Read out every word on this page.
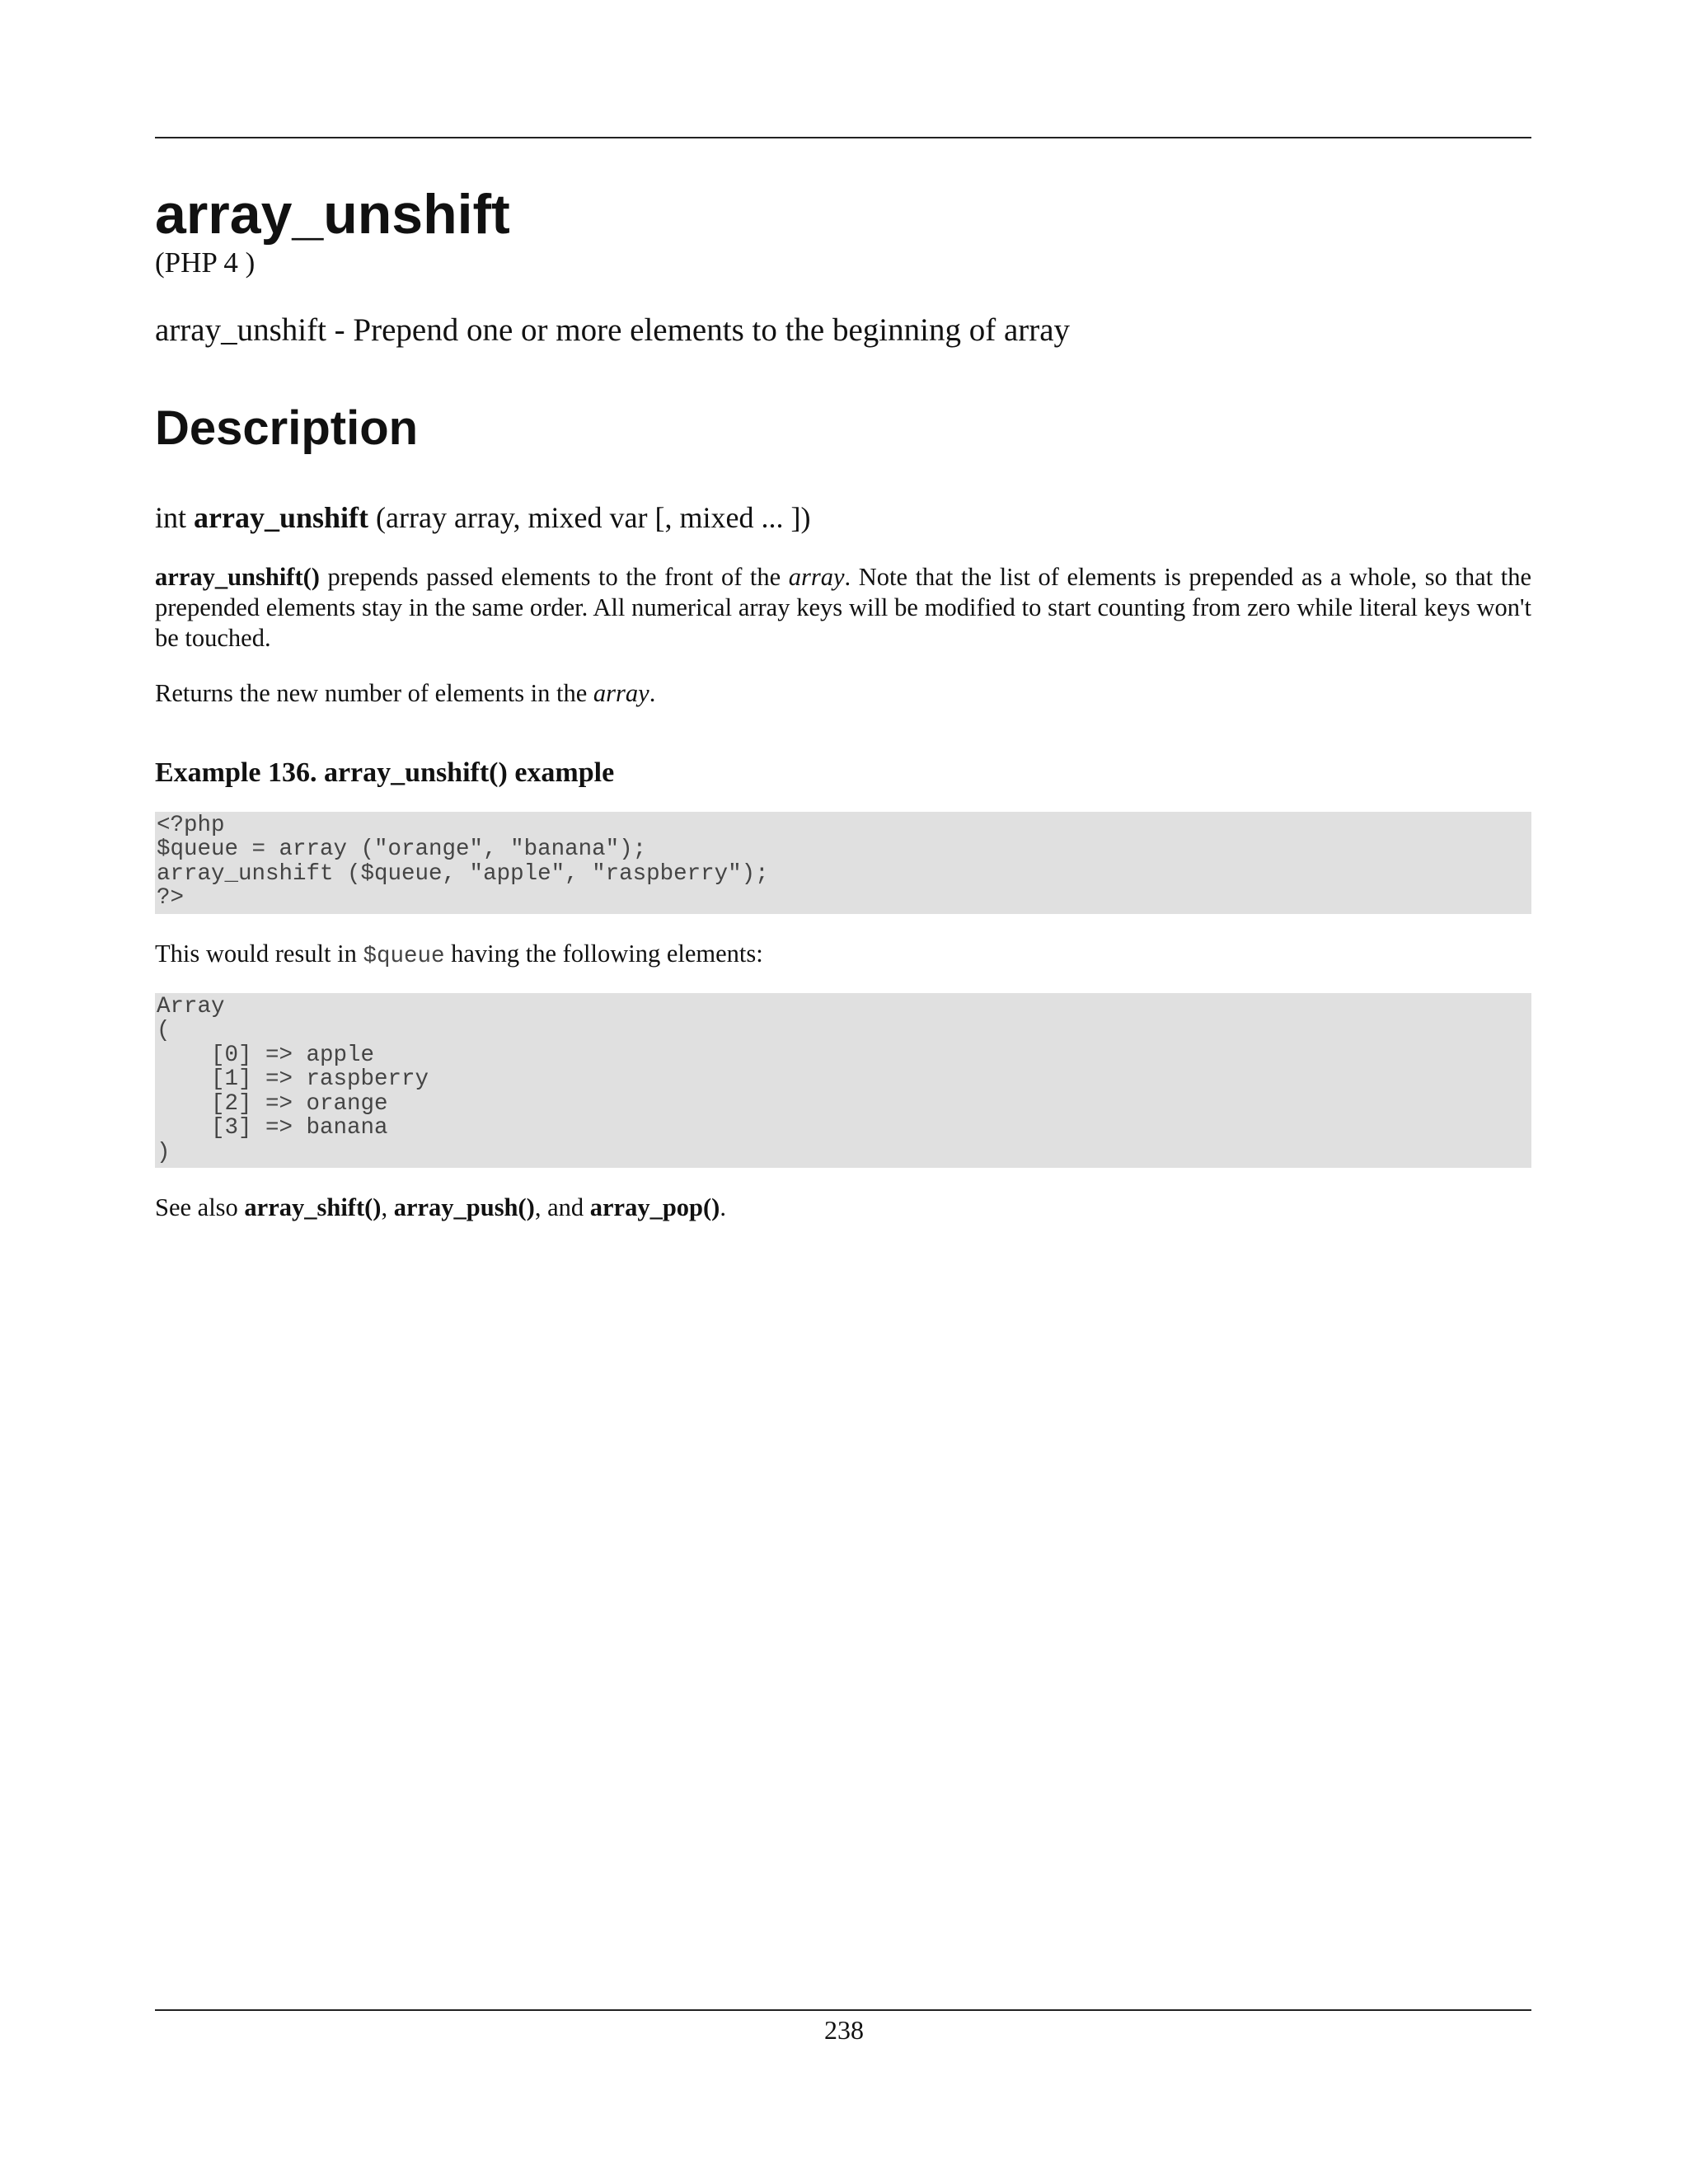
array_unshift
(PHP 4 )
array_unshift - Prepend one or more elements to the beginning of array
Description
int array_unshift (array array, mixed var [, mixed ... ])

array_unshift() prepends passed elements to the front of the array. Note that the list of elements is prepended as a whole, so that the prepended elements stay in the same order. All numerical array keys will be modified to start counting from zero while literal keys won't be touched.

Returns the new number of elements in the array.

Example 136. array_unshift() example
<?php
$queue = array ("orange", "banana");
array_unshift ($queue, "apple", "raspberry");
?>

This would result in $queue having the following elements:

Array
(
[0] => apple
[1] => raspberry
[2] => orange
[3] => banana
)

See also array_shift(), array_push(), and array_pop().

238
